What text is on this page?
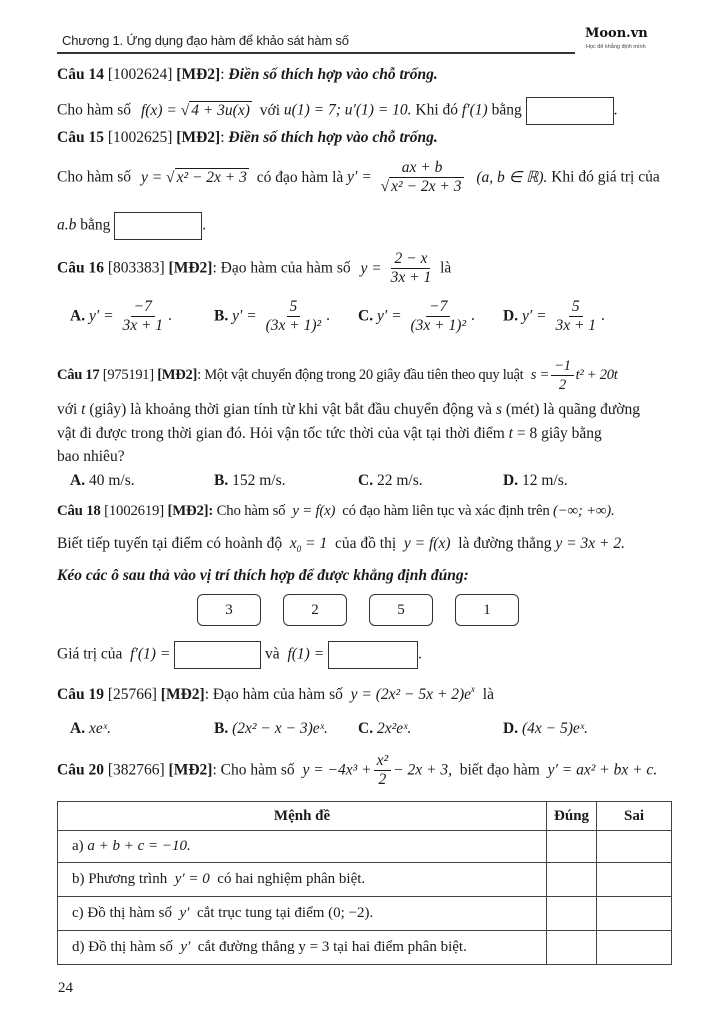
Chương 1. Ứng dụng đạo hàm để khảo sát hàm số	Moon.vn
Học để khẳng định mình
Câu 14 [1002624] [MĐ2]: Điền số thích hợp vào chỗ trống.
Cho hàm số f(x) = √ 4 + 3u(x) với u(1) = 7; u′(1) = 10. Khi đó f′(1) bằng	.
Câu 15 [1002625] [MĐ2]: Điền số thích hợp vào chỗ trống.
Cho hàm số y = √ x² − 2x + 3 có đạo hàm là $y' = \frac{ax + b}{\text{√ x² − 2x + 3}} (a$, b ∈ ℝ). Khi đó giá trị của
a.b bằng	.
Câu 16 [803383] [MĐ2]: Đạo hàm của hàm số $y = \frac{2 - x}{3x + 1}$ là
A. $y' = \frac{-7}{3x + 1}$ .	B. $y' = \frac{5}{\text{(3x + 1)²}}$ . C. $y' = \frac{-7}{\text{(3x + 1)²}}$ . D. $y' = \frac{5}{3x + 1}$ .
Câu 17 [975191] [MĐ2]: Một vật chuyển động trong 20 giây đầu tiên theo quy luật $s = \frac{-1}{2} t^2 + 20t$
với t (giây) là khoảng thời gian tính từ khi vật bắt đầu chuyển động và s (mét) là quãng đường
vật đi được trong thời gian đó. Hỏi vận tốc tức thời của vật tại thời điểm t = 8 giây bằng
bao nhiêu?
A. 40 m/s.	B. 152 m/s.	C. 22 m/s.	D. 12 m/s.
Câu 18 [1002619] [MĐ2]: Cho hàm số y = f(x)  có đạo hàm liên tục và xác định trên (−∞; +∞).
Biết tiếp tuyến tại điểm có hoành độ $x_0 = 1$  của đồ thị y = f(x)  là đường thẳng y = 3x + 2.
Kéo các ô sau thả vào vị trí thích hợp để được khẳng định đúng:
3	2	5	1
Giá trị của f′(1) =	và f(1) =	.
Câu 19 [25766] [MĐ2]: Đạo hàm của hàm số $y = (2x^2 - 5x + 2)e^x$ là
A. xeˣ.	B. (2x² − x − 3)eˣ. C. 2x²eˣ.	D. (4x − 5)eˣ.
Câu 20 [382766] [MĐ2]: Cho hàm số $y = -4x^3 + \frac{\text{x²}}{2} - 2x + 3$,  biết đạo hàm y′ = ax² + bx + c.
Mệnh đề	Đúng	Sai
a) a + b + c = −10.		
b) Phương trình y′ = 0 có hai nghiệm phân biệt.		
c) Đồ thị hàm số y′ cắt trục tung tại điểm (0; −2).		
d) Đồ thị hàm số y′ cắt đường thẳng y = 3 tại hai điểm phân biệt.		
24
